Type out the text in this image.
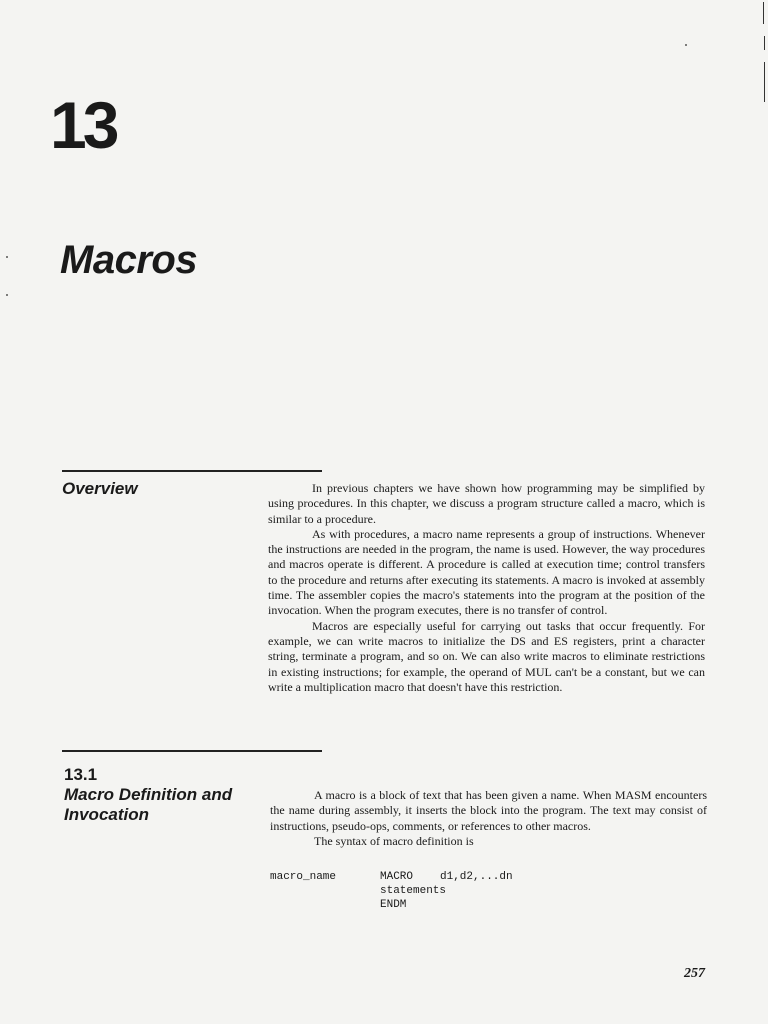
13
Macros
Overview	In previous chapters we have shown how programming may be simplified by using procedures. In this chapter, we discuss a program structure called a macro, which is similar to a procedure.

As with procedures, a macro name represents a group of instructions. Whenever the instructions are needed in the program, the name is used. However, the way procedures and macros operate is different. A procedure is called at execution time; control transfers to the procedure and returns after executing its statements. A macro is invoked at assembly time. The assembler copies the macro's statements into the program at the position of the invocation. When the program executes, there is no transfer of control.

Macros are especially useful for carrying out tasks that occur frequently. For example, we can write macros to initialize the DS and ES registers, print a character string, terminate a program, and so on. We can also write macros to eliminate restrictions in existing instructions; for example, the operand of MUL can't be a constant, but we can write a multiplication macro that doesn't have this restriction.

13.1
Macro Definition and Invocation

A macro is a block of text that has been given a name. When MASM encounters the name during assembly, it inserts the block into the program. The text may consist of instructions, pseudo-ops, comments, or references to other macros.

The syntax of macro definition is

macro_name	MACRO d1,d2,...dn
statements
ENDM
257
